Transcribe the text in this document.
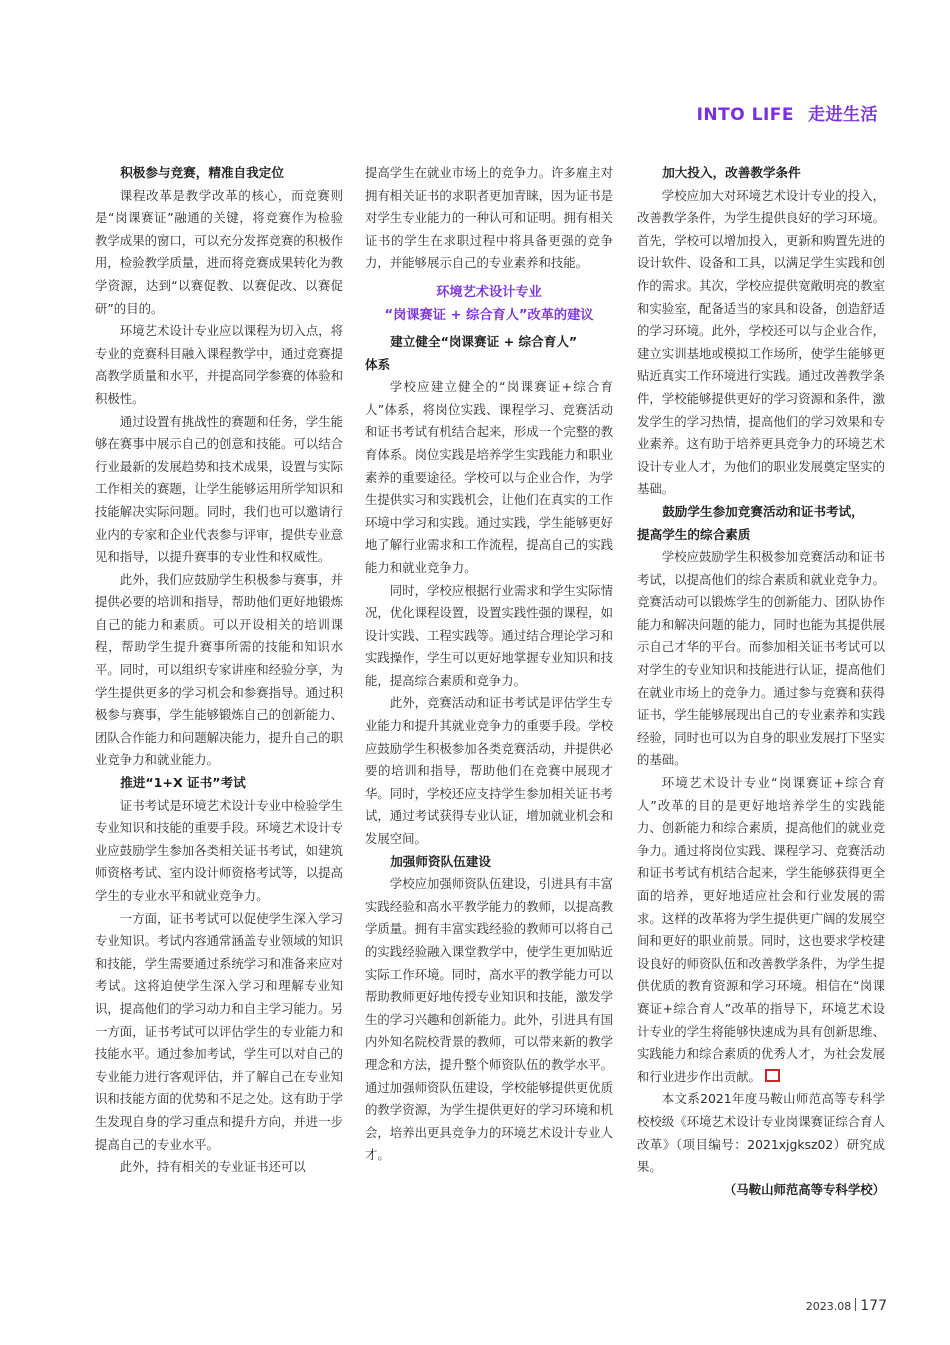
INTO LIFE 走进生活
积极参与竞赛，精准自我定位

课程改革是教学改革的核心，而竞赛则是“岗课赛证”融通的关键，将竞赛作为检验教学成果的窗口，可以充分发挥竞赛的积极作用，检验教学质量，进而将竞赛成果转化为教学资源，达到“以赛促教、以赛促改、以赛促研”的目的。

环境艺术设计专业应以课程为切入点，将专业的竞赛科目融入课程教学中，通过竞赛提高教学质量和水平，并提高同学参赛的体验和积极性。

通过设置有挑战性的赛题和任务，学生能够在赛事中展示自己的创意和技能。可以结合行业最新的发展趋势和技术成果，设置与实际工作相关的赛题，让学生能够运用所学知识和技能解决实际问题。同时，我们也可以邀请行业内的专家和企业代表参与评审，提供专业意见和指导，以提升赛事的专业性和权威性。

此外，我们应鼓励学生积极参与赛事，并提供必要的培训和指导，帮助他们更好地锻炼自己的能力和素质。可以开设相关的培训课程，帮助学生提升赛事所需的技能和知识水平。同时，可以组织专家讲座和经验分享，为学生提供更多的学习机会和参赛指导。通过积极参与赛事，学生能够锻炼自己的创新能力、团队合作能力和问题解决能力，提升自己的职业竞争力和就业能力。

推进“1+X 证书”考试

证书考试是环境艺术设计专业中检验学生专业知识和技能的重要手段。环境艺术设计专业应鼓励学生参加各类相关证书考试，如建筑师资格考试、室内设计师资格考试等，以提高学生的专业水平和就业竞争力。

一方面，证书考试可以促使学生深入学习专业知识。考试内容通常涵盖专业领域的知识和技能，学生需要通过系统学习和准备来应对考试。这将迫使学生深入学习和理解专业知识，提高他们的学习动力和自主学习能力。另一方面，证书考试可以评估学生的专业能力和技能水平。通过参加考试，学生可以对自己的专业能力进行客观评估，并了解自己在专业知识和技能方面的优势和不足之处。这有助于学生发现自身的学习重点和提升方向，并进一步提高自己的专业水平。

此外，持有相关的专业证书还可以

提高学生在就业市场上的竞争力。许多雇主对拥有相关证书的求职者更加青睐，因为证书是对学生专业能力的一种认可和证明。拥有相关证书的学生在求职过程中将具备更强的竞争力，并能够展示自己的专业素养和技能。

环境艺术设计专业
“岗课赛证 + 综合育人”改革的建议
建立健全“岗课赛证 + 综合育人”
体系

学校应建立健全的“岗课赛证+综合育人”体系，将岗位实践、课程学习、竞赛活动和证书考试有机结合起来，形成一个完整的教育体系。岗位实践是培养学生实践能力和职业素养的重要途径。学校可以与企业合作，为学生提供实习和实践机会，让他们在真实的工作环境中学习和实践。通过实践，学生能够更好地了解行业需求和工作流程，提高自己的实践能力和就业竞争力。

同时，学校应根据行业需求和学生实际情况，优化课程设置，设置实践性强的课程，如设计实践、工程实践等。通过结合理论学习和实践操作，学生可以更好地掌握专业知识和技能，提高综合素质和竞争力。

此外，竞赛活动和证书考试是评估学生专业能力和提升其就业竞争力的重要手段。学校应鼓励学生积极参加各类竞赛活动，并提供必要的培训和指导，帮助他们在竞赛中展现才华。同时，学校还应支持学生参加相关证书考试，通过考试获得专业认证，增加就业机会和发展空间。

加强师资队伍建设

学校应加强师资队伍建设，引进具有丰富实践经验和高水平教学能力的教师，以提高教学质量。拥有丰富实践经验的教师可以将自己的实践经验融入课堂教学中，使学生更加贴近实际工作环境。同时，高水平的教学能力可以帮助教师更好地传授专业知识和技能，激发学生的学习兴趣和创新能力。此外，引进具有国内外知名院校背景的教师，可以带来新的教学理念和方法，提升整个师资队伍的教学水平。通过加强师资队伍建设，学校能够提供更优质的教学资源，为学生提供更好的学习环境和机会，培养出更具竞争力的环境艺术设计专业人才。

加大投入，改善教学条件

学校应加大对环境艺术设计专业的投入，改善教学条件，为学生提供良好的学习环境。首先，学校可以增加投入，更新和购置先进的设计软件、设备和工具，以满足学生实践和创作的需求。其次，学校应提供宽敞明亮的教室和实验室，配备适当的家具和设备，创造舒适的学习环境。此外，学校还可以与企业合作，建立实训基地或模拟工作场所，使学生能够更贴近真实工作环境进行实践。通过改善教学条件，学校能够提供更好的学习资源和条件，激发学生的学习热情，提高他们的学习效果和专业素养。这有助于培养更具竞争力的环境艺术设计专业人才，为他们的职业发展奠定坚实的基础。

鼓励学生参加竞赛活动和证书考试，
提高学生的综合素质

学校应鼓励学生积极参加竞赛活动和证书考试，以提高他们的综合素质和就业竞争力。竞赛活动可以锻炼学生的创新能力、团队协作能力和解决问题的能力，同时也能为其提供展示自己才华的平台。而参加相关证书考试可以对学生的专业知识和技能进行认证，提高他们在就业市场上的竞争力。通过参与竞赛和获得证书，学生能够展现出自己的专业素养和实践经验，同时也可以为自身的职业发展打下坚实的基础。

环境艺术设计专业“岗课赛证+综合育人”改革的目的是更好地培养学生的实践能力、创新能力和综合素质，提高他们的就业竞争力。通过将岗位实践、课程学习、竞赛活动和证书考试有机结合起来，学生能够获得更全面的培养，更好地适应社会和行业发展的需求。这样的改革将为学生提供更广阔的发展空间和更好的职业前景。同时，这也要求学校建设良好的师资队伍和改善教学条件，为学生提供优质的教育资源和学习环境。相信在“岗课赛证+综合育人”改革的指导下，环境艺术设计专业的学生将能够快速成为具有创新思维、实践能力和综合素质的优秀人才，为社会发展和行业进步作出贡献。

本文系2021年度马鞍山师范高等专科学校校级《环境艺术设计专业岗课赛证综合育人改革》（项目编号：2021xjgksz02）研究成果。

（马鞍山师范高等专科学校）

2023.08 177
